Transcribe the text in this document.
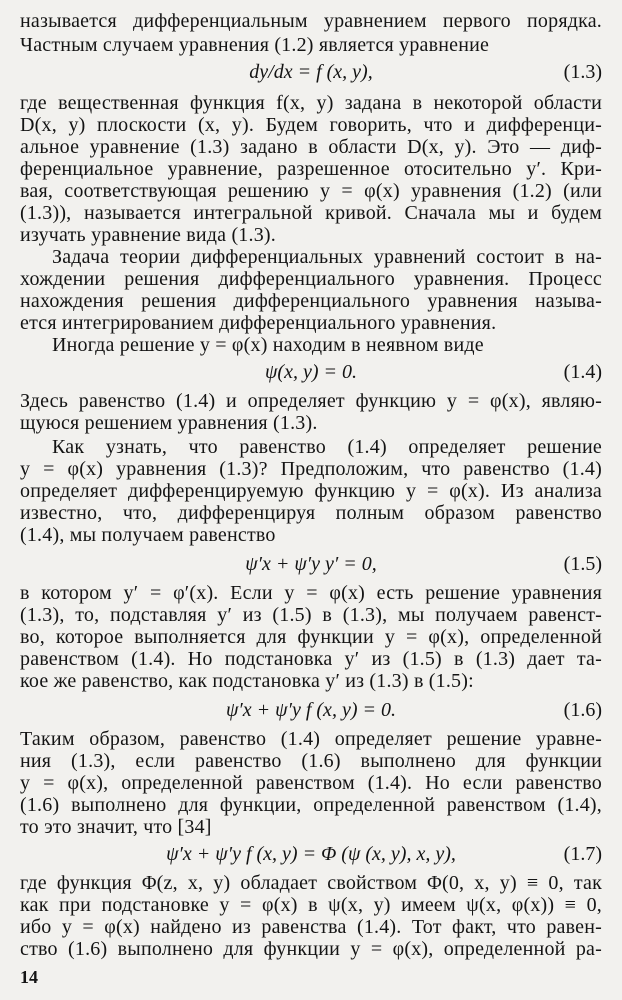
называется дифференциальным уравнением первого порядка.
Частным случаем уравнения (1.2) является уравнение
dy/dx = f (x, y),	(1.3)
где вещественная функция f(x, y) задана в некоторой области
D(x, y) плоскости (x, y). Будем говорить, что и дифференци-
альное уравнение (1.3) задано в области D(x, y). Это — диф-
ференциальное уравнение, разрешенное отосительно y′. Кри-
вая, соответствующая решению y = φ(x) уравнения (1.2) (или
(1.3)), называется интегральной кривой. Сначала мы и будем
изучать уравнение вида (1.3).
Задача теории дифференциальных уравнений состоит в на-
хождении решения дифференциального уравнения. Процесс
нахождения решения дифференциального уравнения называ-
ется интегрированием дифференциального уравнения.
Иногда решение y = φ(x) находим в неявном виде
ψ(x, y) = 0.	(1.4)
Здесь равенство (1.4) и определяет функцию y = φ(x), являю-
щуюся решением уравнения (1.3).
Как узнать, что равенство (1.4) определяет решение
y = φ(x) уравнения (1.3)? Предположим, что равенство (1.4)
определяет дифференцируемую функцию y = φ(x). Из анализа
известно, что, дифференцируя полным образом равенство
(1.4), мы получаем равенство
ψ′x + ψ′y y′ = 0,	(1.5)
в котором y′ = φ′(x). Если y = φ(x) есть решение уравнения
(1.3), то, подставляя y′ из (1.5) в (1.3), мы получаем равенст-
во, которое выполняется для функции y = φ(x), определенной
равенством (1.4). Но подстановка y′ из (1.5) в (1.3) дает та-
кое же равенство, как подстановка y′ из (1.3) в (1.5):
ψ′x + ψ′y f (x, y) = 0.	(1.6)
Таким образом, равенство (1.4) определяет решение уравне-
ния (1.3), если равенство (1.6) выполнено для функции
y = φ(x), определенной равенством (1.4). Но если равенство
(1.6) выполнено для функции, определенной равенством (1.4),
то это значит, что [34]
ψ′x + ψ′y f (x, y) = Φ (ψ (x, y), x, y),	(1.7)
где функция Φ(z, x, y) обладает свойством Φ(0, x, y) ≡ 0, так
14
как при подстановке y = φ(x) в ψ(x, y) имеем ψ(x, φ(x)) ≡ 0,
ибо y = φ(x) найдено из равенства (1.4). Тот факт, что равен-
ство (1.6) выполнено для функции y = φ(x), определенной ра-
